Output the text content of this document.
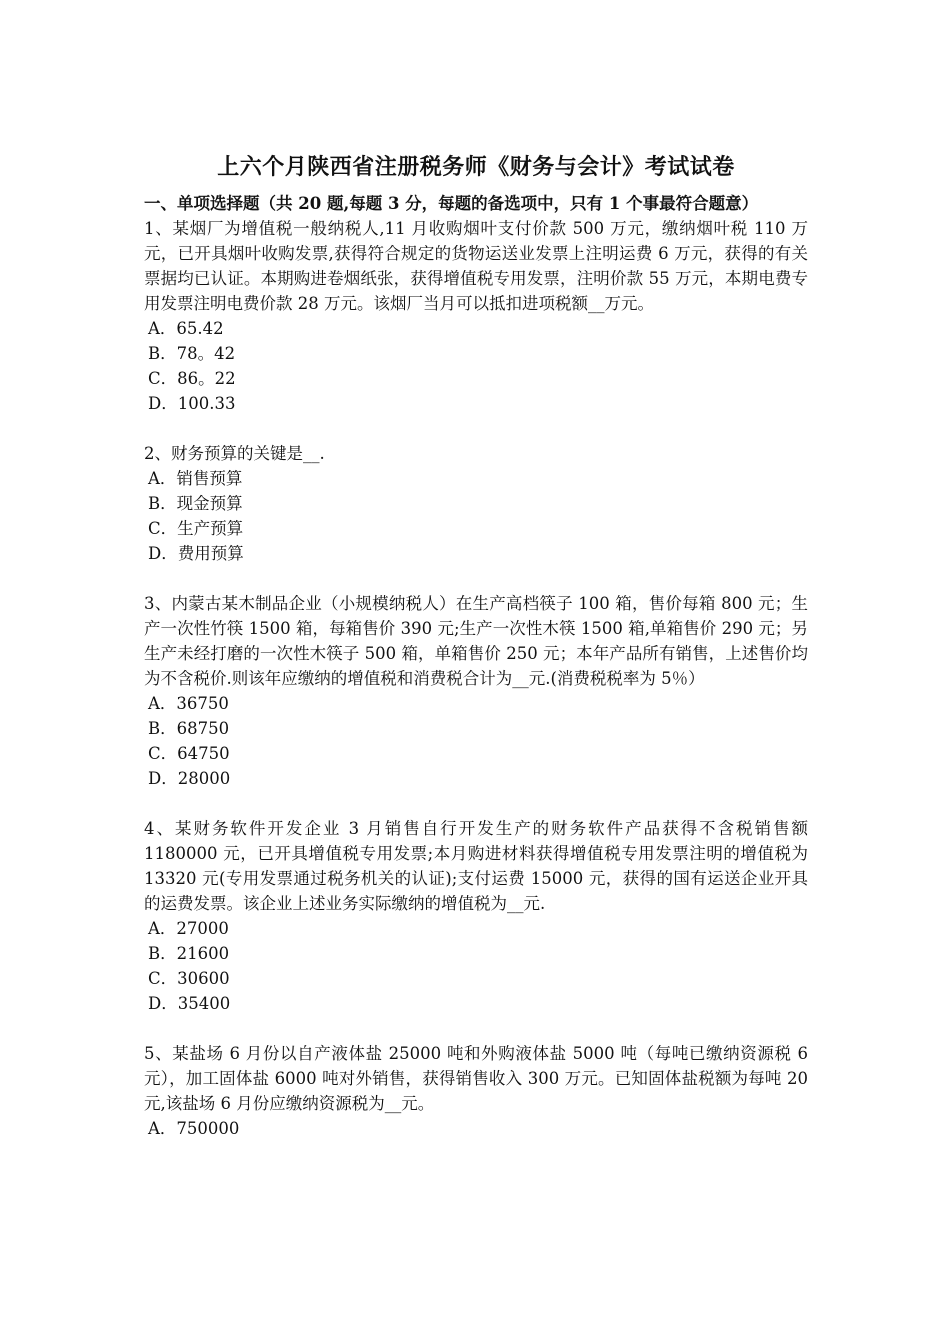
上六个月陕西省注册税务师《财务与会计》考试试卷

一、单项选择题（共 20 题,每题 3 分，每题的备选项中，只有 1 个事最符合题意）

1、某烟厂为增值税一般纳税人,11 月收购烟叶支付价款 500 万元，缴纳烟叶税 110 万元，已开具烟叶收购发票,获得符合规定的货物运送业发票上注明运费 6 万元，获得的有关票据均已认证。本期购进卷烟纸张，获得增值税专用发票，注明价款 55 万元，本期电费专用发票注明电费价款 28 万元。该烟厂当月可以抵扣进项税额__万元。

A．65.42

B．78。42

C．86。22

D．100.33

2、财务预算的关键是__.

A．销售预算

B．现金预算

C．生产预算

D．费用预算

3、内蒙古某木制品企业（小规模纳税人）在生产高档筷子 100 箱，售价每箱 800 元；生产一次性竹筷 1500 箱，每箱售价 390 元;生产一次性木筷 1500 箱,单箱售价 290 元；另生产未经打磨的一次性木筷子 500 箱，单箱售价 250 元；本年产品所有销售，上述售价均为不含税价.则该年应缴纳的增值税和消费税合计为__元.(消费税税率为 5％）

A．36750

B．68750

C．64750

D．28000

4、某财务软件开发企业 3 月销售自行开发生产的财务软件产品获得不含税销售额 1180000 元，已开具增值税专用发票;本月购进材料获得增值税专用发票注明的增值税为 13320 元(专用发票通过税务机关的认证);支付运费 15000 元，获得的国有运送企业开具的运费发票。该企业上述业务实际缴纳的增值税为__元.

A．27000

B．21600

C．30600

D．35400

5、某盐场 6 月份以自产液体盐 25000 吨和外购液体盐 5000 吨（每吨已缴纳资源税 6 元），加工固体盐 6000 吨对外销售，获得销售收入 300 万元。已知固体盐税额为每吨 20 元,该盐场 6 月份应缴纳资源税为__元。

A．750000
